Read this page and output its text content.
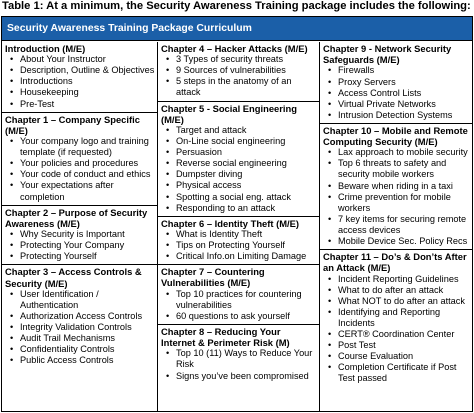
Table 1: At a minimum, the Security Awareness Training package includes the following:
Security Awareness Training Package Curriculum
Introduction (M/E)
• About Your Instructor
• Description, Outline & Objectives
• Introductions
• Housekeeping
• Pre-Test
Chapter 1 – Company Specific (M/E)
• Your company logo and training template (if requested)
• Your policies and procedures
• Your code of conduct and ethics
• Your expectations after completion
Chapter 2 – Purpose of Security Awareness (M/E)
• Why Security is Important
• Protecting Your Company
• Protecting Yourself
Chapter 3 – Access Controls & Security (M/E)
• User Identification / Authentication
• Authorization Access Controls
• Integrity Validation Controls
• Audit Trail Mechanisms
• Confidentiality Controls
• Public Access Controls
Chapter 4 – Hacker Attacks (M/E)
• 3 Types of security threats
• 9 Sources of vulnerabilities
• 5 steps in the anatomy of an attack
Chapter 5 - Social Engineering (M/E)
• Target and attack
• On-Line social engineering
• Persuasion
• Reverse social engineering
• Dumpster diving
• Physical access
• Spotting a social eng. attack
• Responding to an attack
Chapter 6 – Identity Theft (M/E)
• What is Identity Theft
• Tips on Protecting Yourself
• Critical Info.on Limiting Damage
Chapter 7 – Countering Vulnerabilities (M/E)
• Top 10 practices for countering vulnerabilities
• 60 questions to ask yourself
Chapter 8 – Reducing Your Internet & Perimeter Risk (M)
• Top 10 (11) Ways to Reduce Your Risk
• Signs you’ve been compromised
Chapter 9 - Network Security Safeguards (M/E)
• Firewalls
• Proxy Servers
• Access Control Lists
• Virtual Private Networks
• Intrusion Detection Systems
Chapter 10 – Mobile and Remote Computing Security (M/E)
• Lax approach to mobile security
• Top 6 threats to safety and security mobile workers
• Beware when riding in a taxi
• Crime prevention for mobile workers
• 7 key items for securing remote access devices
• Mobile Device Sec. Policy Recs
Chapter 11 – Do’s & Don’ts After an Attack (M/E)
• Incident Reporting Guidelines
• What to do after an attack
• What NOT to do after an attack
• Identifying and Reporting Incidents
• CERT® Coordination Center
• Post Test
• Course Evaluation
• Completion Certificate if Post Test passed
